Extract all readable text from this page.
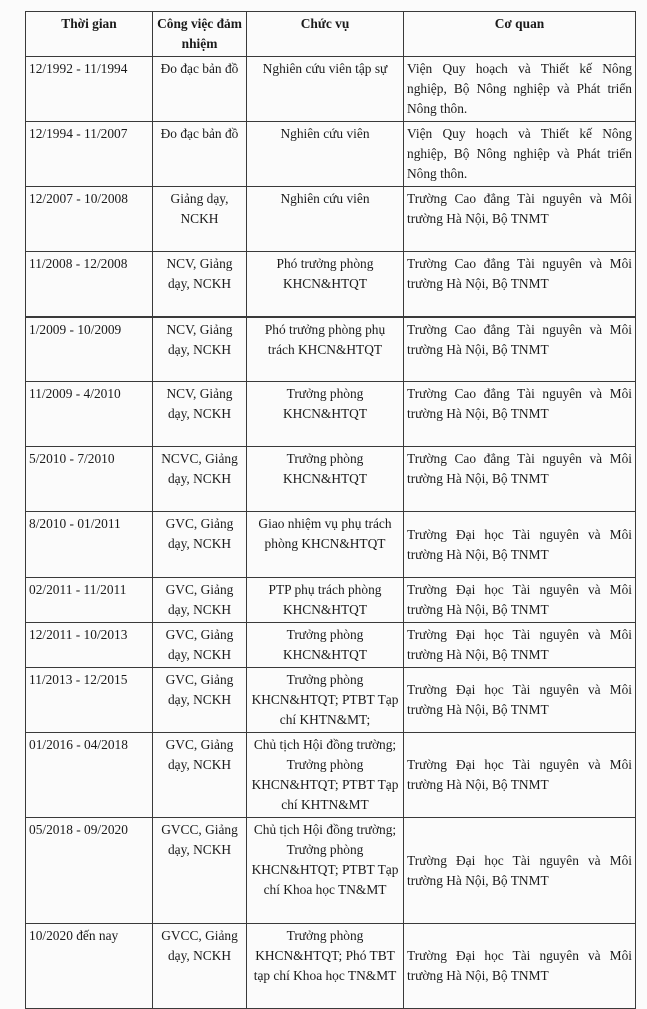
Thời gian	Công việc đảm nhiệm	Chức vụ	Cơ quan
12/1992 - 11/1994	Đo đạc bản đồ	Nghiên cứu viên tập sự	Viện Quy hoạch và Thiết kế Nông nghiệp, Bộ Nông nghiệp và Phát triển Nông thôn.
12/1994 - 11/2007	Đo đạc bản đồ	Nghiên cứu viên	Viện Quy hoạch và Thiết kế Nông nghiệp, Bộ Nông nghiệp và Phát triển Nông thôn.
12/2007 - 10/2008	Giảng dạy, NCKH	Nghiên cứu viên	Trường Cao đẳng Tài nguyên và Môi trường Hà Nội, Bộ TNMT
11/2008 - 12/2008	NCV, Giảng dạy, NCKH	Phó trưởng phòng KHCN&HTQT	Trường Cao đẳng Tài nguyên và Môi trường Hà Nội, Bộ TNMT
1/2009 - 10/2009	NCV, Giảng dạy, NCKH	Phó trưởng phòng phụ trách KHCN&HTQT	Trường Cao đẳng Tài nguyên và Môi trường Hà Nội, Bộ TNMT
11/2009 - 4/2010	NCV, Giảng dạy, NCKH	Trưởng phòng KHCN&HTQT	Trường Cao đẳng Tài nguyên và Môi trường Hà Nội, Bộ TNMT
5/2010 - 7/2010	NCVC, Giảng dạy, NCKH	Trưởng phòng KHCN&HTQT	Trường Cao đẳng Tài nguyên và Môi trường Hà Nội, Bộ TNMT
8/2010 - 01/2011	GVC, Giảng dạy, NCKH	Giao nhiệm vụ phụ trách phòng KHCN&HTQT	Trường Đại học Tài nguyên và Môi trường Hà Nội, Bộ TNMT
02/2011 - 11/2011	GVC, Giảng dạy, NCKH	PTP phụ trách phòng KHCN&HTQT	Trường Đại học Tài nguyên và Môi trường Hà Nội, Bộ TNMT
12/2011 - 10/2013	GVC, Giảng dạy, NCKH	Trưởng phòng KHCN&HTQT	Trường Đại học Tài nguyên và Môi trường Hà Nội, Bộ TNMT
11/2013 - 12/2015	GVC, Giảng dạy, NCKH	Trưởng phòng KHCN&HTQT; PTBT Tạp chí KHTN&MT;	Trường Đại học Tài nguyên và Môi trường Hà Nội, Bộ TNMT
01/2016 - 04/2018	GVC, Giảng dạy, NCKH	Chủ tịch Hội đồng trường; Trưởng phòng KHCN&HTQT; PTBT Tạp chí KHTN&MT	Trường Đại học Tài nguyên và Môi trường Hà Nội, Bộ TNMT
05/2018 - 09/2020	GVCC, Giảng dạy, NCKH	Chủ tịch Hội đồng trường; Trưởng phòng KHCN&HTQT; PTBT Tạp chí Khoa học TN&MT	Trường Đại học Tài nguyên và Môi trường Hà Nội, Bộ TNMT
10/2020 đến nay	GVCC, Giảng dạy, NCKH	Trưởng phòng KHCN&HTQT; Phó TBT tạp chí Khoa học TN&MT	Trường Đại học Tài nguyên và Môi trường Hà Nội, Bộ TNMT
